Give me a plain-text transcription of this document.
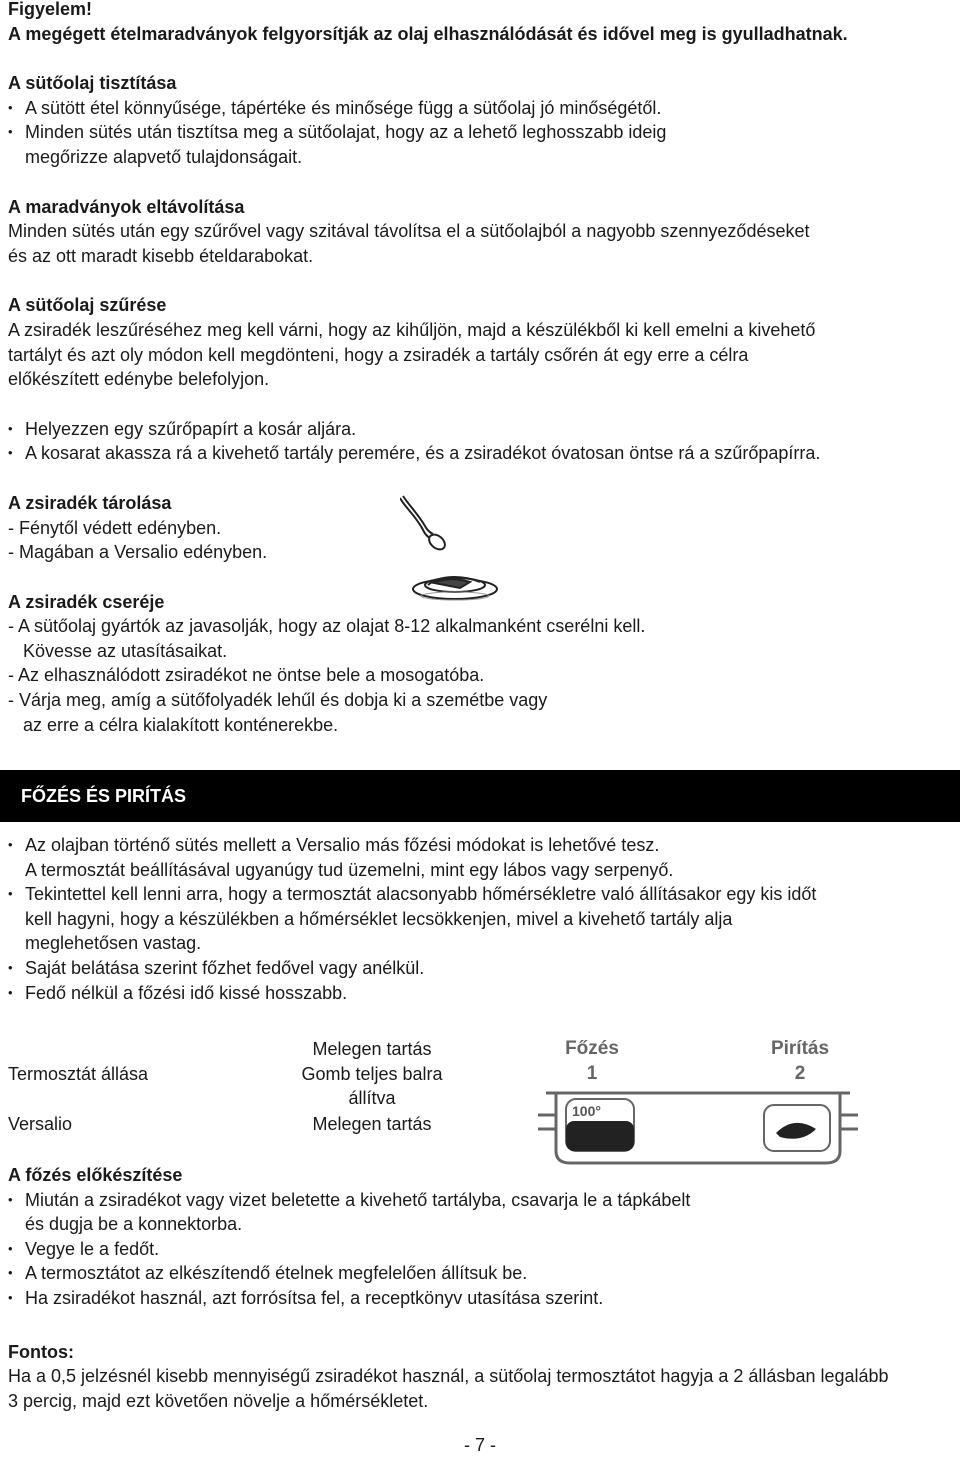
Figyelem!

A megégett ételmaradványok felgyorsítják az olaj elhasználódását és idővel meg is gyulladhatnak.

A sütőolaj tisztítása

• A sütött étel könnyűsége, tápértéke és minősége függ a sütőolaj jó minőségétől.

• Minden sütés után tisztítsa meg a sütőolajat, hogy az a lehető leghosszabb ideig

megőrizze alapvető tulajdonságait.

A maradványok eltávolítása

Minden sütés után egy szűrővel vagy szitával távolítsa el a sütőolajból a nagyobb szennyeződéseket

és az ott maradt kisebb ételdarabokat.

A sütőolaj szűrése

A zsiradék leszűréséhez meg kell várni, hogy az kihűljön, majd a készülékből ki kell emelni a kivehető

tartályt és azt oly módon kell megdönteni, hogy a zsiradék a tartály csőrén át egy erre a célra

előkészített edénybe belefolyjon.

• Helyezzen egy szűrőpapírt a kosár aljára.

• A kosarat akassza rá a kivehető tartály peremére, és a zsiradékot óvatosan öntse rá a szűrőpapírra.

A zsiradék tárolása

- Fénytől védett edényben.

- Magában a Versalio edényben.

A zsiradék cseréje

- A sütőolaj gyártók az javasolják, hogy az olajat 8-12 alkalmanként cserélni kell.

Kövesse az utasításaikat.

- Az elhasználódott zsiradékot ne öntse bele a mosogatóba.

- Várja meg, amíg a sütőfolyadék lehűl és dobja ki a szemétbe vagy

az erre a célra kialakított konténerekbe.

FŐZÉS ÉS PIRÍTÁS

• Az olajban történő sütés mellett a Versalio más főzési módokat is lehetővé tesz.

A termosztát beállításával ugyanúgy tud üzemelni, mint egy lábos vagy serpenyő.

• Tekintettel kell lenni arra, hogy a termosztát alacsonyabb hőmérsékletre való állításakor egy kis időt

kell hagyni, hogy a készülékben a hőmérséklet lecsökkenjen, mivel a kivehető tartály alja

meglehetősen vastag.

• Saját belátása szerint főzhet fedővel vagy anélkül.

• Fedő nélkül a főzési idő kissé hosszabb.

Termosztát állása

Melegen tartás

Gomb teljes balra

állítva

Versalio	Melegen tartás

Főzés

1

Pirítás

2

100°

A főzés előkészítése

• Miután a zsiradékot vagy vizet beletette a kivehető tartályba, csavarja le a tápkábelt

és dugja be a konnektorba.

• Vegye le a fedőt.

• A termosztátot az elkészítendő ételnek megfelelően állítsuk be.

• Ha zsiradékot használ, azt forrósítsa fel, a receptkönyv utasítása szerint.

Fontos:

Ha a 0,5 jelzésnél kisebb mennyiségű zsiradékot használ, a sütőolaj termosztátot hagyja a 2 állásban legalább

3 percig, majd ezt követően növelje a hőmérsékletet.

- 7 -
